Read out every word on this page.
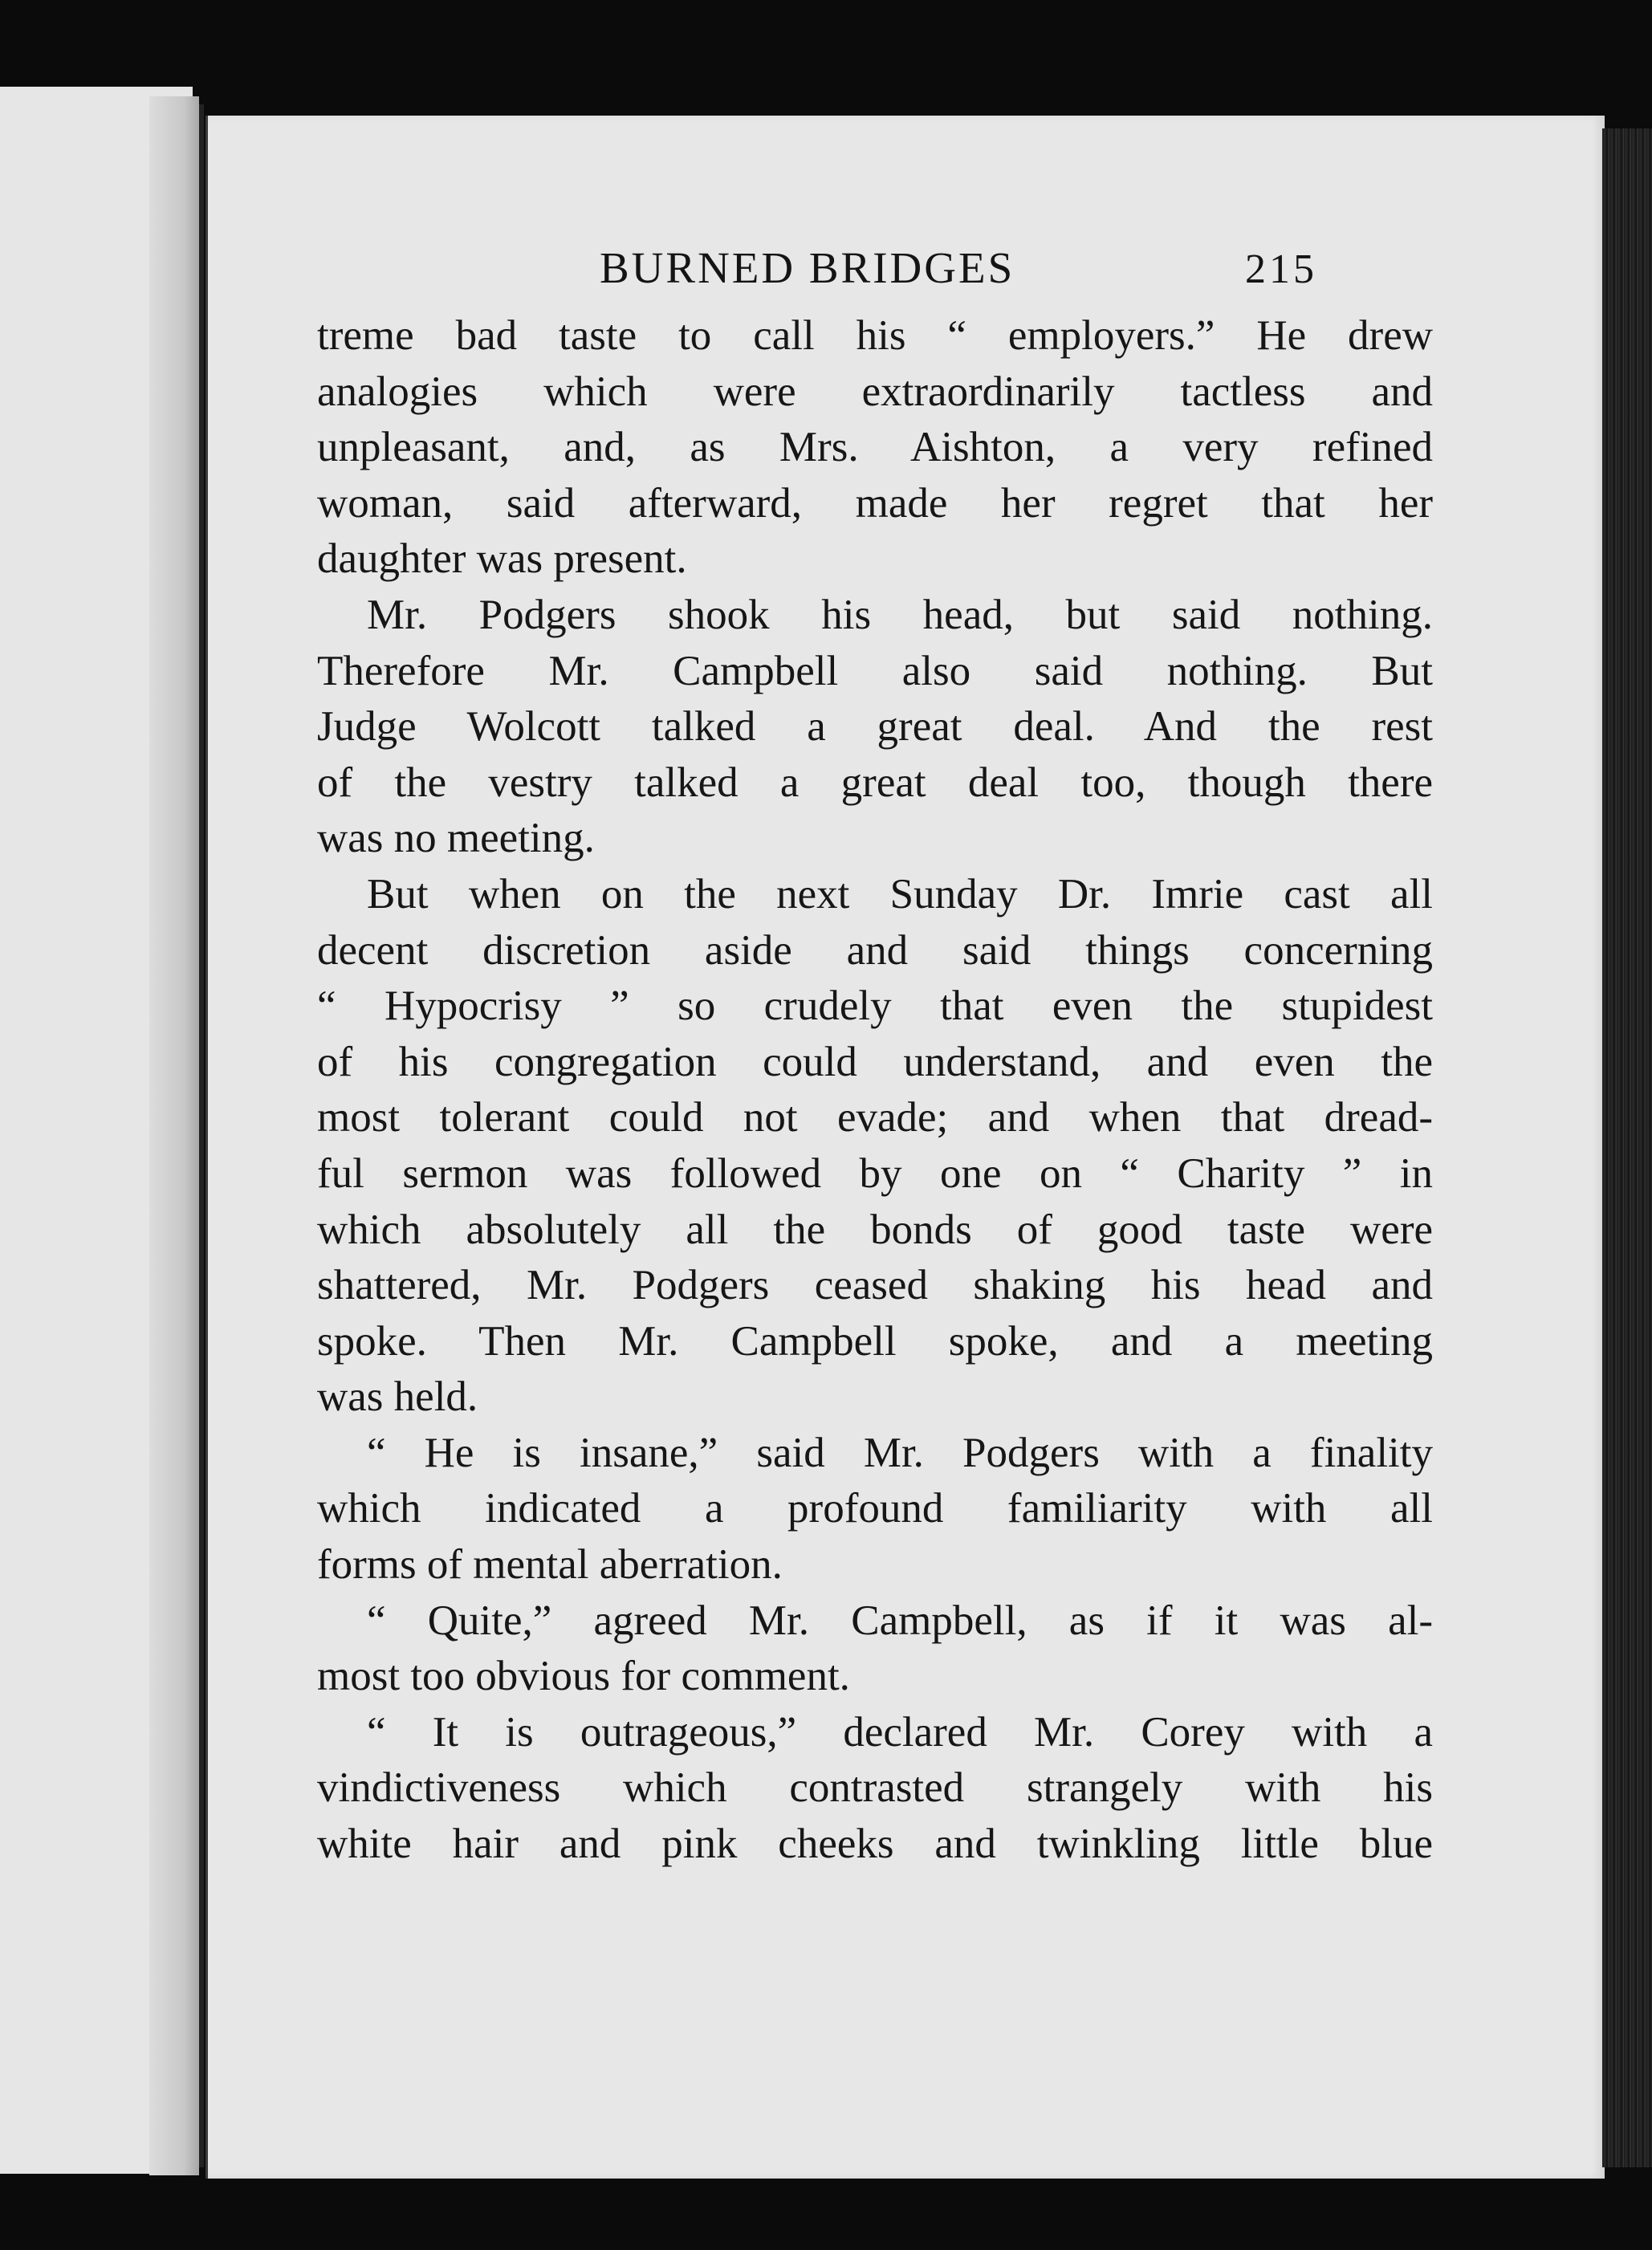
BURNED BRIDGES	215
treme bad taste to call his “ employers.” He drew
analogies which were extraordinarily tactless and
unpleasant, and, as Mrs. Aishton, a very refined
woman, said afterward, made her regret that her
daughter was present.
Mr. Podgers shook his head, but said nothing.
Therefore Mr. Campbell also said nothing. But
Judge Wolcott talked a great deal. And the rest
of the vestry talked a great deal too, though there
was no meeting.
But when on the next Sunday Dr. Imrie cast all
decent discretion aside and said things concerning
“ Hypocrisy ” so crudely that even the stupidest
of his congregation could understand, and even the
most tolerant could not evade; and when that dread-
ful sermon was followed by one on “ Charity ” in
which absolutely all the bonds of good taste were
shattered, Mr. Podgers ceased shaking his head and
spoke. Then Mr. Campbell spoke, and a meeting
was held.
“ He is insane,” said Mr. Podgers with a finality
which indicated a profound familiarity with all
forms of mental aberration.
“ Quite,” agreed Mr. Campbell, as if it was al-
most too obvious for comment.
“ It is outrageous,” declared Mr. Corey with a
vindictiveness which contrasted strangely with his
white hair and pink cheeks and twinkling little blue
